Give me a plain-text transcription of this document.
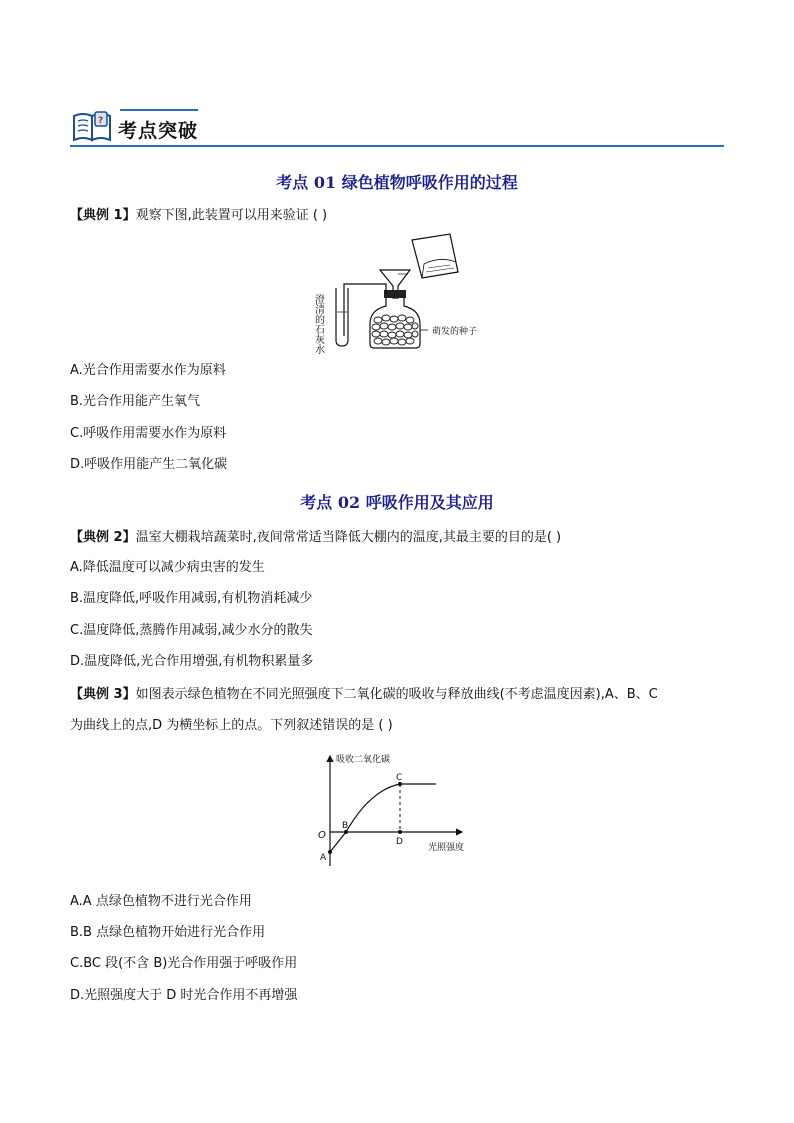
? 考点突破
考点 01 绿色植物呼吸作用的过程
【典例 1】观察下图,此装置可以用来验证 ( )
澄清的石灰水	萌发的种子
A.光合作用需要水作为原料
B.光合作用能产生氧气
C.呼吸作用需要水作为原料
D.呼吸作用能产生二氧化碳
考点 02 呼吸作用及其应用
【典例 2】温室大棚栽培蔬菜时,夜间常常适当降低大棚内的温度,其最主要的目的是( )
A.降低温度可以减少病虫害的发生
B.温度降低,呼吸作用减弱,有机物消耗减少
C.温度降低,蒸腾作用减弱,减少水分的散失
D.温度降低,光合作用增强,有机物积累量多
【典例 3】如图表示绿色植物在不同光照强度下二氧化碳的吸收与释放曲线(不考虑温度因素),A、B、C
为曲线上的点,D 为横坐标上的点。下列叙述错误的是 ( )
吸收二氧化碳
光照强度
O
A
B
C
D
A.A 点绿色植物不进行光合作用
B.B 点绿色植物开始进行光合作用
C.BC 段(不含 B)光合作用强于呼吸作用
D.光照强度大于 D 时光合作用不再增强
